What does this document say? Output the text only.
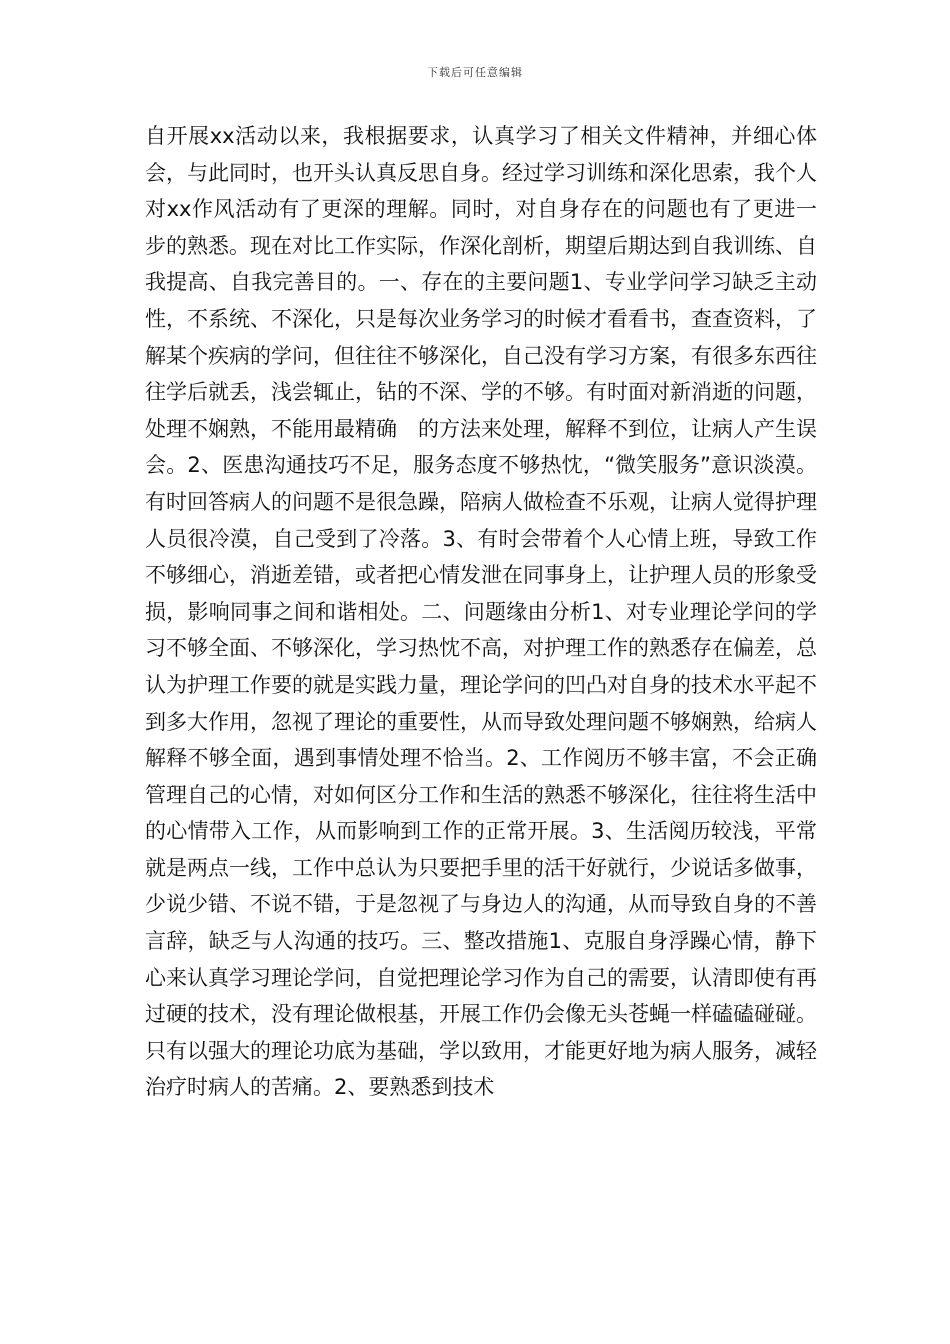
下载后可任意编辑

自开展xx活动以来，我根据要求，认真学习了相关文件精神，并细心体会，与此同时，也开头认真反思自身。经过学习训练和深化思索，我个人对xx作风活动有了更深的理解。同时，对自身存在的问题也有了更进一步的熟悉。现在对比工作实际，作深化剖析，期望后期达到自我训练、自我提高、自我完善目的。一、存在的主要问题1、专业学问学习缺乏主动性，不系统、不深化，只是每次业务学习的时候才看看书，查查资料，了解某个疾病的学问，但往往不够深化，自己没有学习方案，有很多东西往往学后就丢，浅尝辄止，钻的不深、学的不够。有时面对新消逝的问题，处理不娴熟，不能用最精确　的方法来处理，解释不到位，让病人产生误会。2、医患沟通技巧不足，服务态度不够热忱，“微笑服务”意识淡漠。有时回答病人的问题不是很急躁，陪病人做检查不乐观，让病人觉得护理人员很冷漠，自己受到了冷落。3、有时会带着个人心情上班，导致工作不够细心，消逝差错，或者把心情发泄在同事身上，让护理人员的形象受损，影响同事之间和谐相处。二、问题缘由分析1、对专业理论学问的学习不够全面、不够深化，学习热忱不高，对护理工作的熟悉存在偏差，总认为护理工作要的就是实践力量，理论学问的凹凸对自身的技术水平起不到多大作用，忽视了理论的重要性，从而导致处理问题不够娴熟，给病人解释不够全面，遇到事情处理不恰当。2、工作阅历不够丰富，不会正确管理自己的心情，对如何区分工作和生活的熟悉不够深化，往往将生活中的心情带入工作，从而影响到工作的正常开展。3、生活阅历较浅，平常就是两点一线，工作中总认为只要把手里的活干好就行，少说话多做事，少说少错、不说不错，于是忽视了与身边人的沟通，从而导致自身的不善言辞，缺乏与人沟通的技巧。三、整改措施1、克服自身浮躁心情，静下心来认真学习理论学问，自觉把理论学习作为自己的需要，认清即使有再过硬的技术，没有理论做根基，开展工作仍会像无头苍蝇一样磕磕碰碰。只有以强大的理论功底为基础，学以致用，才能更好地为病人服务，减轻治疗时病人的苦痛。2、要熟悉到技术
